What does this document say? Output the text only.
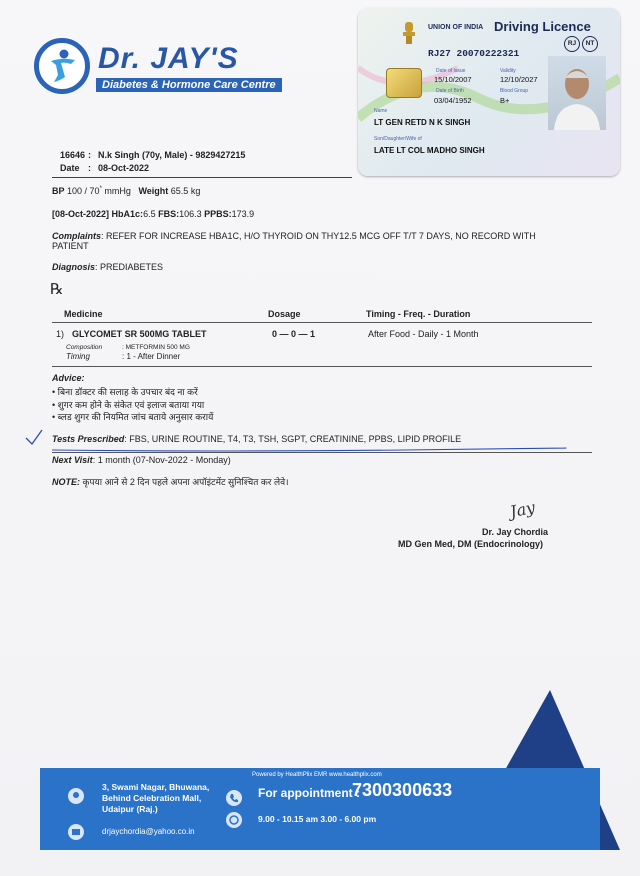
Dr. JAY'S
Diabetes & Hormone Care Centre
16646 : N.k Singh (70y, Male) - 9829427215
Date : 08-Oct-2022
BP 100 / 70* mmHg Weight 65.5 kg
[08-Oct-2022] HbA1c:6.5 FBS:106.3 PPBS:173.9
Complaints: REFER FOR INCREASE HBA1C, H/O THYROID ON THY12.5 MCG OFF T/T 7 DAYS, NO RECORD WITH
PATIENT
Diagnosis: PREDIABETES
℞
Medicine	Dosage	Timing - Freq. - Duration
1) GLYCOMET SR 500MG TABLET	0 — 0 — 1	After Food - Daily - 1 Month
Composition	: METFORMIN 500 MG
Timing	: 1 - After Dinner
Advice:
• बिना डॉक्टर की सलाह के उपचार बंद ना करें
• शुगर कम होने के संकेत एवं इलाज बताया गया
• ब्लड शुगर की नियमित जांच बताये अनुसार करायें
Tests Prescribed: FBS, URINE ROUTINE, T4, T3, TSH, SGPT, CREATININE, PPBS, LIPID PROFILE
Next Visit: 1 month (07-Nov-2022 - Monday)
NOTE: कृपया आने से 2 दिन पहले अपना अपॉइंटमेंट सुनिश्चित कर लेवे।
Jay
Dr. Jay Chordia
MD Gen Med, DM (Endocrinology)
UNION OF INDIA Driving Licence
RJ	NT
RJ27 20070222321
Date of Issue
15/10/2007
Validity
12/10/2027
Date of Birth
03/04/1952
Blood Group
B+
Name
LT GEN RETD N K SINGH
Son/Daughter/Wife of
LATE LT COL MADHO SINGH
3, Swami Nagar, Bhuwana,
Behind Celebration Mall,
Udaipur (Raj.)
drjaychordia@yahoo.co.in
Powered by HealthPlix EMR www.healthplix.com
For appointment :
7300300633
9.00 - 10.15 am 3.00 - 6.00 pm
